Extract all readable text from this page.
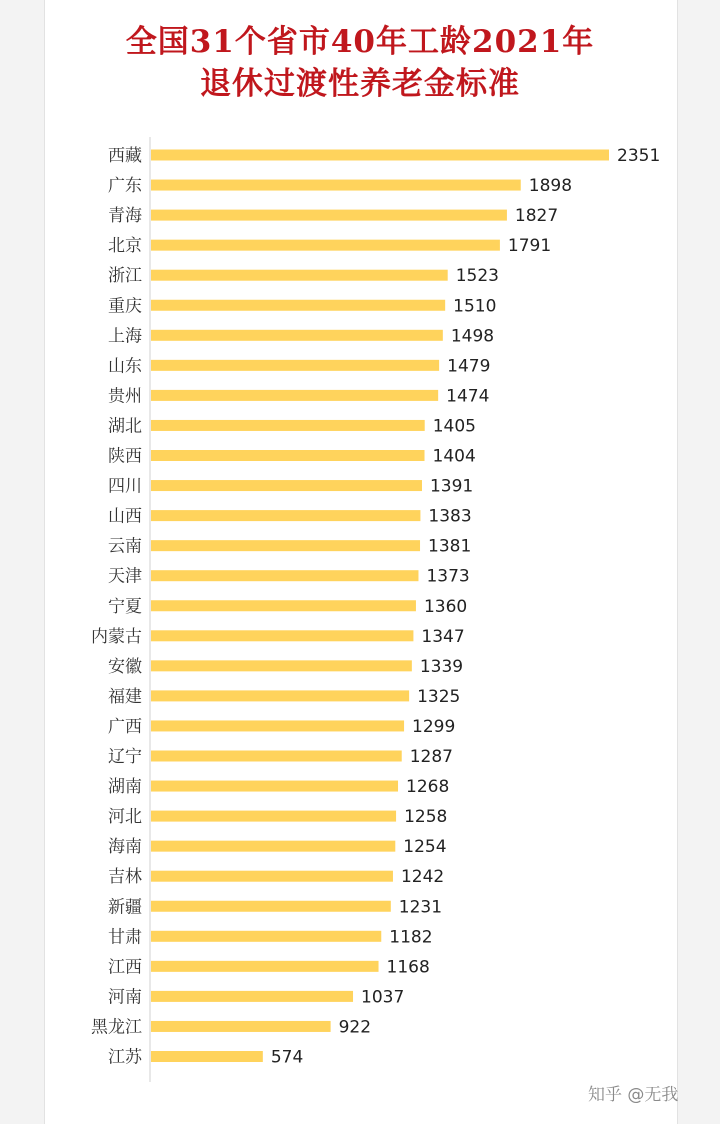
全国31个省市40年工龄2021年
退休过渡性养老金标准
西藏	2351
广东	1898
青海	1827
北京	1791
浙江	1523
重庆	1510
上海	1498
山东	1479
贵州	1474
湖北	1405
陕西	1404
四川	1391
山西	1383
云南	1381
天津	1373
宁夏	1360
内蒙古	1347
安徽	1339
福建	1325
广西	1299
辽宁	1287
湖南	1268
河北	1258
海南	1254
吉林	1242
新疆	1231
甘肃	1182
江西	1168
河南	1037
黑龙江	922
江苏	574
知乎 @无我
